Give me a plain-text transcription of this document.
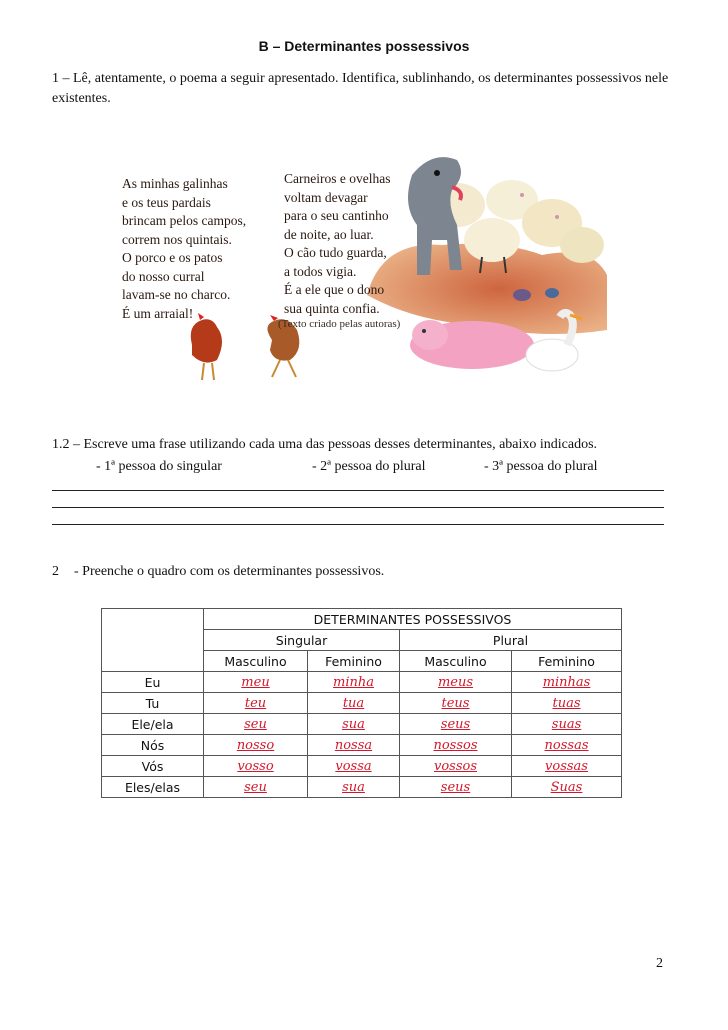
B – Determinantes possessivos
1 – Lê, atentamente, o poema a seguir apresentado. Identifica, sublinhando, os determinantes possessivos nele existentes.
As minhas galinhas
e os teus pardais
brincam pelos campos,
correm nos quintais.
O porco e os patos
do nosso curral
lavam-se no charco.
É um arraial!
Carneiros e ovelhas
voltam devagar
para o seu cantinho
de noite, ao luar.
O cão tudo guarda,
a todos vigia.
É a ele que o dono
sua quinta confia.
(Texto criado pelas autoras)
1.2 – Escreve uma frase utilizando cada uma das pessoas desses determinantes, abaixo indicados.
- 1ª pessoa do singular	- 2ª pessoa do plural	- 3ª pessoa do plural
2 - Preenche o quadro com os determinantes possessivos.
	DETERMINANTES POSSESSIVOS			
	Singular		Plural	
	Masculino	Feminino	Masculino	Feminino
Eu	meu	minha	meus	minhas
Tu	teu	tua	teus	tuas
Ele/ela	seu	sua	seus	suas
Nós	nosso	nossa	nossos	nossas
Vós	vosso	vossa	vossos	vossas
Eles/elas	seu	sua	seus	Suas
2
